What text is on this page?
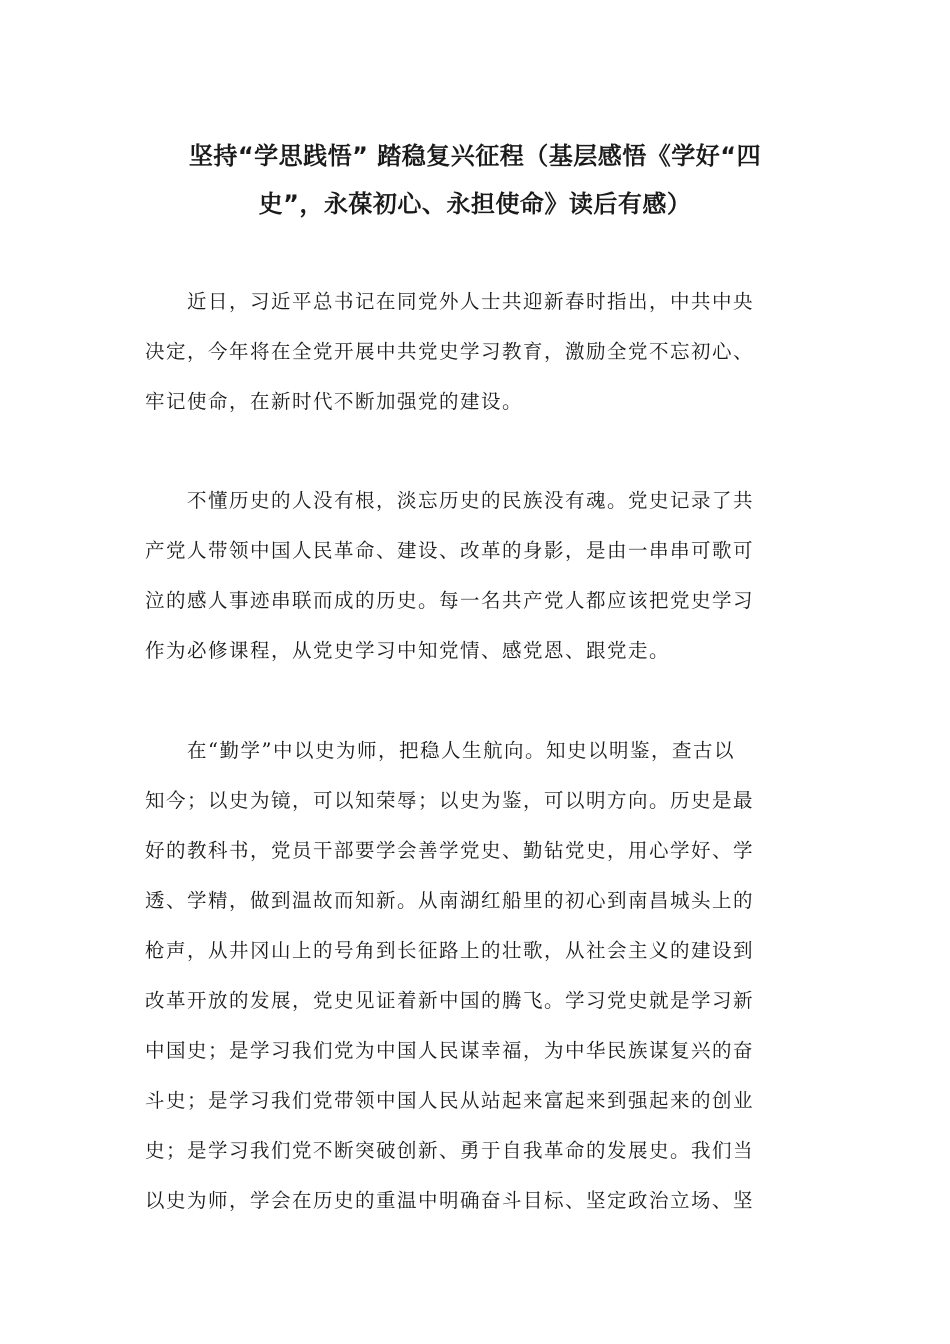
坚持“学思践悟” 踏稳复兴征程（基层感悟《学好“四
史”，永葆初心、永担使命》读后有感）
　　近日，习近平总书记在同党外人士共迎新春时指出，中共中央
决定，今年将在全党开展中共党史学习教育，激励全党不忘初心、
牢记使命，在新时代不断加强党的建设。
　　不懂历史的人没有根，淡忘历史的民族没有魂。党史记录了共
产党人带领中国人民革命、建设、改革的身影，是由一串串可歌可
泣的感人事迹串联而成的历史。每一名共产党人都应该把党史学习
作为必修课程，从党史学习中知党情、感党恩、跟党走。
　　在“勤学”中以史为师，把稳人生航向。知史以明鉴，查古以
知今；以史为镜，可以知荣辱；以史为鉴，可以明方向。历史是最
好的教科书，党员干部要学会善学党史、勤钻党史，用心学好、学
透、学精，做到温故而知新。从南湖红船里的初心到南昌城头上的
枪声，从井冈山上的号角到长征路上的壮歌，从社会主义的建设到
改革开放的发展，党史见证着新中国的腾飞。学习党史就是学习新
中国史；是学习我们党为中国人民谋幸福，为中华民族谋复兴的奋
斗史；是学习我们党带领中国人民从站起来富起来到强起来的创业
史；是学习我们党不断突破创新、勇于自我革命的发展史。我们当
以史为师，学会在历史的重温中明确奋斗目标、坚定政治立场、坚
